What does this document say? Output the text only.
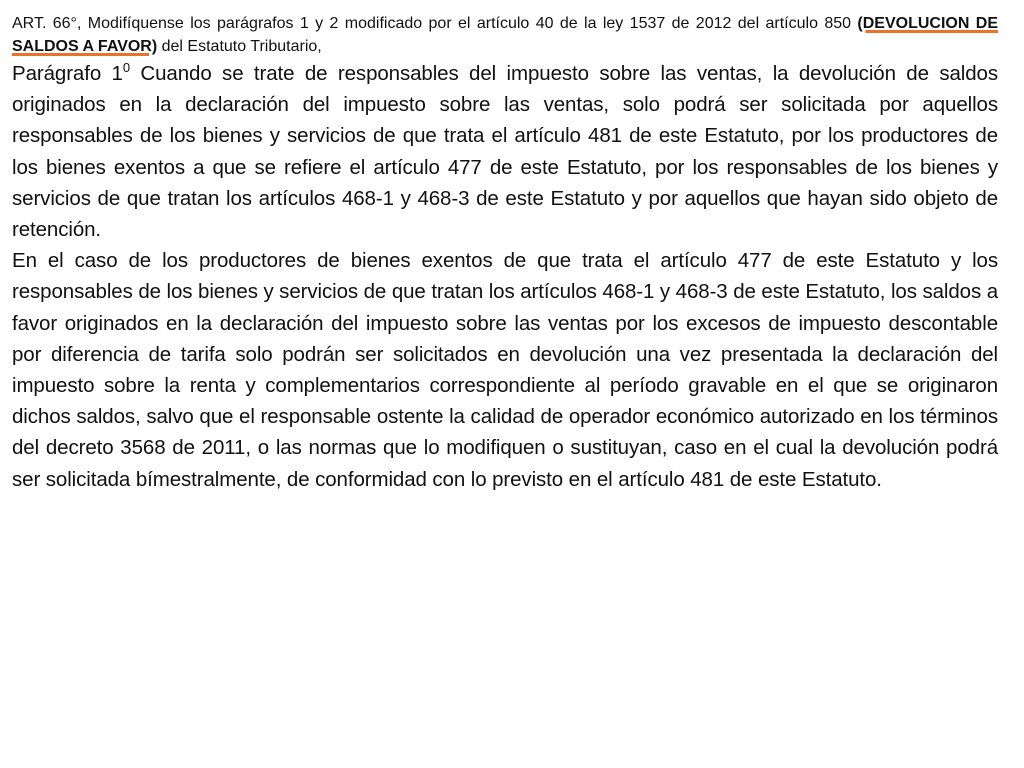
ART. 66°, Modifíquense los parágrafos 1 y 2 modificado por el artículo 40 de la ley 1537 de 2012 del artículo 850 (DEVOLUCION DE SALDOS A FAVOR) del Estatuto Tributario,

Parágrafo $1^0$ Cuando se trate de responsables del impuesto sobre las ventas, la devolución de saldos originados en la declaración del impuesto sobre las ventas, solo podrá ser solicitada por aquellos responsables de los bienes y servicios de que trata el artículo 481 de este Estatuto, por los productores de los bienes exentos a que se refiere el artículo 477 de este Estatuto, por los responsables de los bienes y servicios de que tratan los artículos 468-1 y 468-3 de este Estatuto y por aquellos que hayan sido objeto de retención.

En el caso de los productores de bienes exentos de que trata el artículo 477 de este Estatuto y los responsables de los bienes y servicios de que tratan los artículos 468-1 y 468-3 de este Estatuto, los saldos a favor originados en la declaración del impuesto sobre las ventas por los excesos de impuesto descontable por diferencia de tarifa solo podrán ser solicitados en devolución una vez presentada la declaración del impuesto sobre la renta y complementarios correspondiente al período gravable en el que se originaron dichos saldos, salvo que el responsable ostente la calidad de operador económico autorizado en los términos del decreto 3568 de 2011, o las normas que lo modifiquen o sustituyan, caso en el cual la devolución podrá ser solicitada bímestralmente, de conformidad con lo previsto en el artículo 481 de este Estatuto.
